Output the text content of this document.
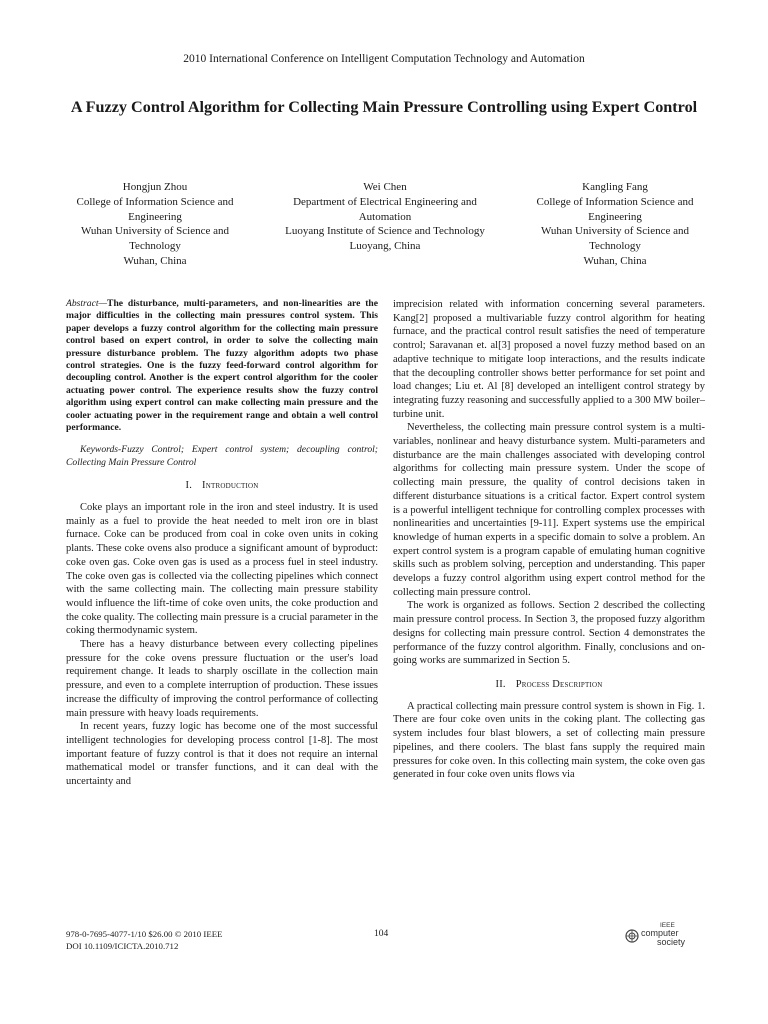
2010 International Conference on Intelligent Computation Technology and Automation
A Fuzzy Control Algorithm for Collecting Main Pressure Controlling using Expert Control
Hongjun Zhou
College of Information Science and Engineering
Wuhan University of Science and Technology
Wuhan, China
Wei Chen
Department of Electrical Engineering and Automation
Luoyang Institute of Science and Technology
Luoyang, China
Kangling Fang
College of Information Science and Engineering
Wuhan University of Science and Technology
Wuhan, China

Abstract—The disturbance, multi-parameters, and non-linearities are the major difficulties in the collecting main pressures control system. This paper develops a fuzzy control algorithm for the collecting main pressure control based on expert control, in order to solve the collecting main pressure disturbance problem. The fuzzy algorithm adopts two phase control strategies. One is the fuzzy feed-forward control algorithm for decoupling control. Another is the expert control algorithm for the cooler actuating power control. The experience results show the fuzzy control algorithm using expert control can make collecting main pressure and the cooler actuating power in the requirement range and obtain a well control performance.

Keywords-Fuzzy Control; Expert control system; decoupling control; Collecting Main Pressure Control

I. Introduction

Coke plays an important role in the iron and steel industry. It is used mainly as a fuel to provide the heat needed to melt iron ore in blast furnace. Coke can be produced from coal in coke oven units in coking plants. These coke ovens also produce a significant amount of byproduct: coke oven gas. Coke oven gas is used as a process fuel in steel industry. The coke oven gas is collected via the collecting pipelines which connect with the same collecting main. The collecting main pressure stability would influence the lift-time of coke oven units, the coke production and the coke quality. The collecting main pressure is a crucial parameter in the coking thermodynamic system.

There has a heavy disturbance between every collecting pipelines pressure for the coke ovens pressure fluctuation or the user's load requirement change. It leads to sharply oscillate in the collection main pressure, and even to a complete interruption of production. These issues increase the difficulty of improving the control performance of collecting main pressure with heavy loads requirements.

In recent years, fuzzy logic has become one of the most successful intelligent technologies for developing process control [1-8]. The most important feature of fuzzy control is that it does not require an internal mathematical model or transfer functions, and it can deal with the uncertainty and

imprecision related with information concerning several parameters. Kang[2] proposed a multivariable fuzzy control algorithm for heating furnace, and the practical control result satisfies the need of temperature control; Saravanan et. al[3] proposed a novel fuzzy method based on an adaptive technique to mitigate loop interactions, and the results indicate that the decoupling controller shows better performance for set point and load changes; Liu et. Al [8] developed an intelligent control strategy by integrating fuzzy reasoning and successfully applied to a 300 MW boiler–turbine unit.

Nevertheless, the collecting main pressure control system is a multi-variables, nonlinear and heavy disturbance system. Multi-parameters and disturbance are the main challenges associated with developing control algorithms for collecting main pressure system. Under the scope of collecting main pressure, the quality of control decisions taken in different disturbance situations is a critical factor. Expert control system is a powerful intelligent technique for controlling complex processes with nonlinearities and uncertainties [9-11]. Expert systems use the empirical knowledge of human experts in a specific domain to solve a problem. An expert control system is a program capable of emulating human cognitive skills such as problem solving, perception and understanding. This paper develops a fuzzy control algorithm using expert control method for the collecting main pressure control.

The work is organized as follows. Section 2 described the collecting main pressure control process. In Section 3, the proposed fuzzy algorithm designs for collecting main pressure control. Section 4 demonstrates the performance of the fuzzy control algorithm. Finally, conclusions and on-going works are summarized in Section 5.

II. Process Description

A practical collecting main pressure control system is shown in Fig. 1. There are four coke oven units in the coking plant. The collecting gas system includes four blast blowers, a set of collecting main pressure pipelines, and there coolers. The blast fans supply the required main pressures for coke oven. In this collecting main system, the coke oven gas generated in four coke oven units flows via

978-0-7695-4077-1/10 $26.00 © 2010 IEEE
DOI 10.1109/ICICTA.2010.712
104
IEEE
computer
society
